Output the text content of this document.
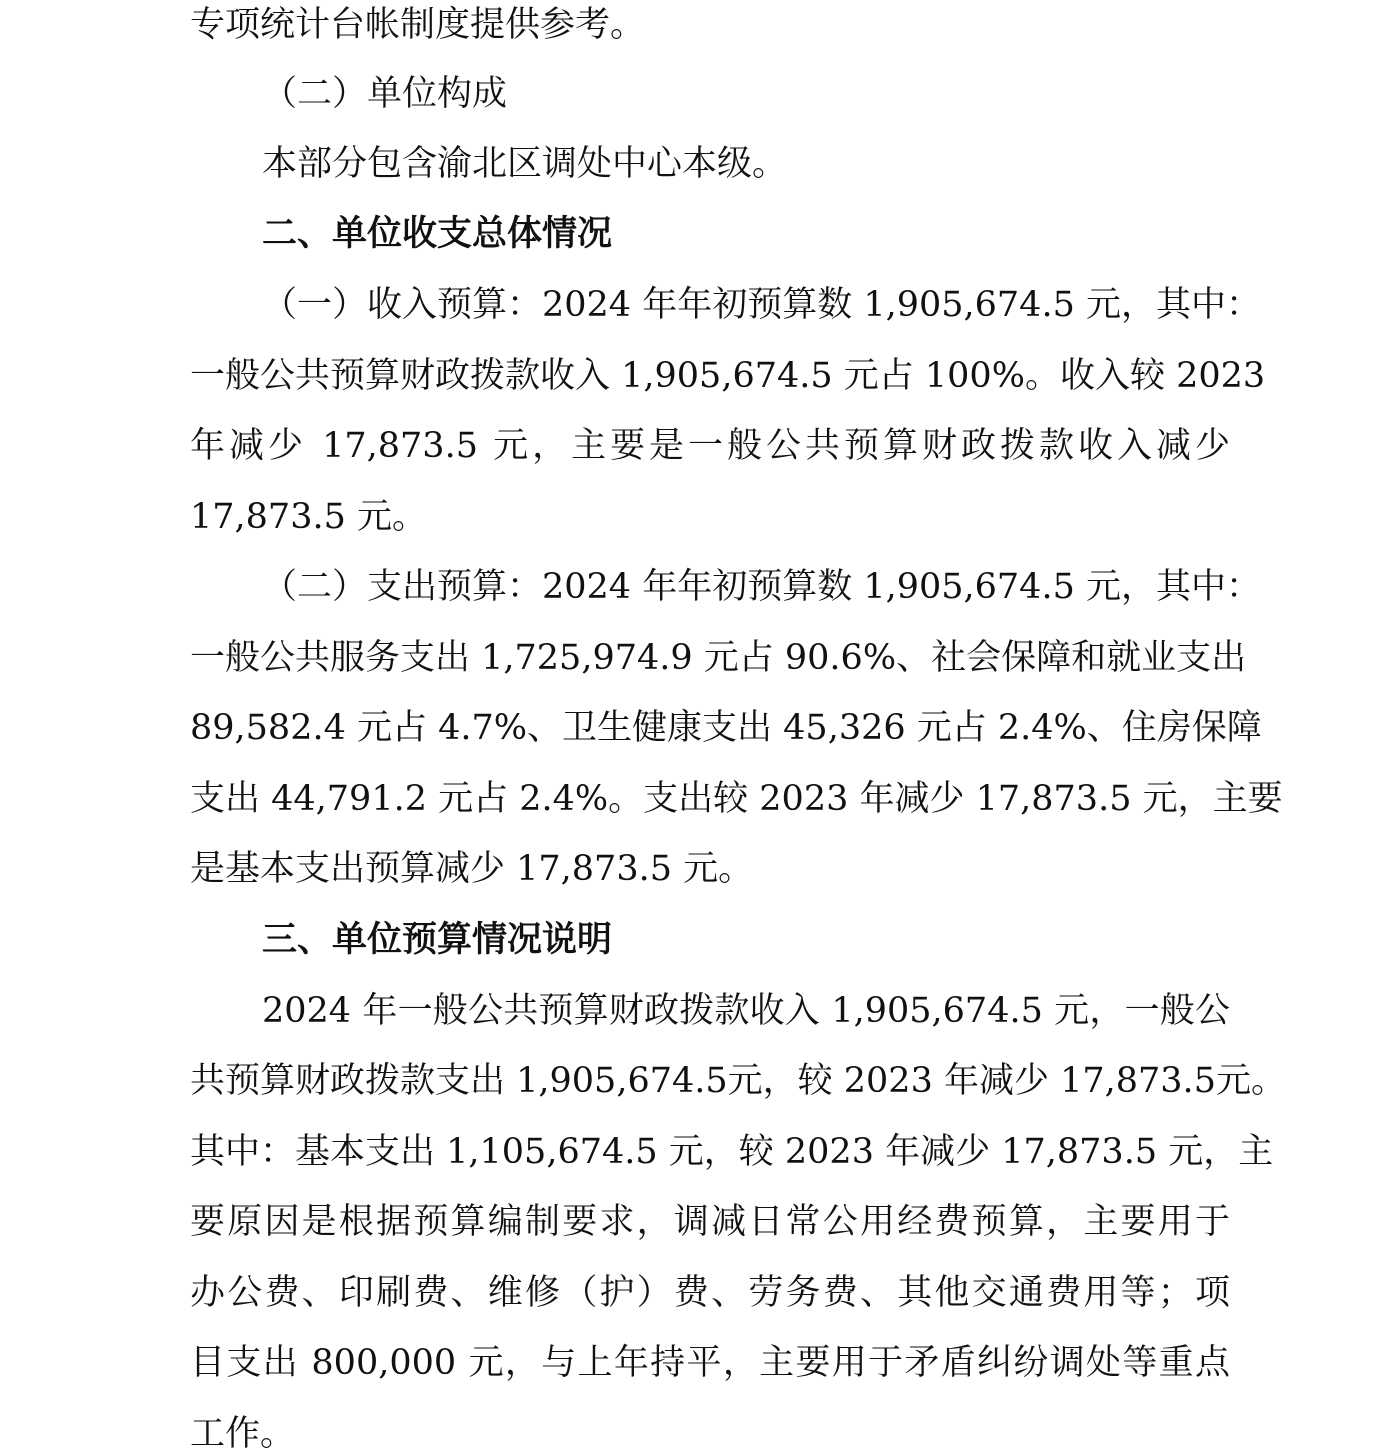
专项统计台帐制度提供参考。
（二）单位构成
本部分包含渝北区调处中心本级。
二、单位收支总体情况
（一）收入预算：2024 年年初预算数 1,905,674.5 元，其中：
一般公共预算财政拨款收入 1,905,674.5 元占 100%。收入较 2023
年减少 17,873.5 元，主要是一般公共预算财政拨款收入减少
17,873.5 元。
（二）支出预算：2024 年年初预算数 1,905,674.5 元，其中：
一般公共服务支出 1,725,974.9 元占 90.6%、社会保障和就业支出
89,582.4 元占 4.7%、卫生健康支出 45,326 元占 2.4%、住房保障
支出 44,791.2 元占 2.4%。支出较 2023 年减少 17,873.5 元，主要
是基本支出预算减少 17,873.5 元。
三、单位预算情况说明
2024 年一般公共预算财政拨款收入 1,905,674.5 元，一般公
共预算财政拨款支出 1,905,674.5元，较 2023 年减少 17,873.5元。
其中：基本支出 1,105,674.5 元，较 2023 年减少 17,873.5 元，主
要原因是根据预算编制要求，调减日常公用经费预算，主要用于
办公费、印刷费、维修（护）费、劳务费、其他交通费用等；项
目支出 800,000 元，与上年持平，主要用于矛盾纠纷调处等重点
工作。
